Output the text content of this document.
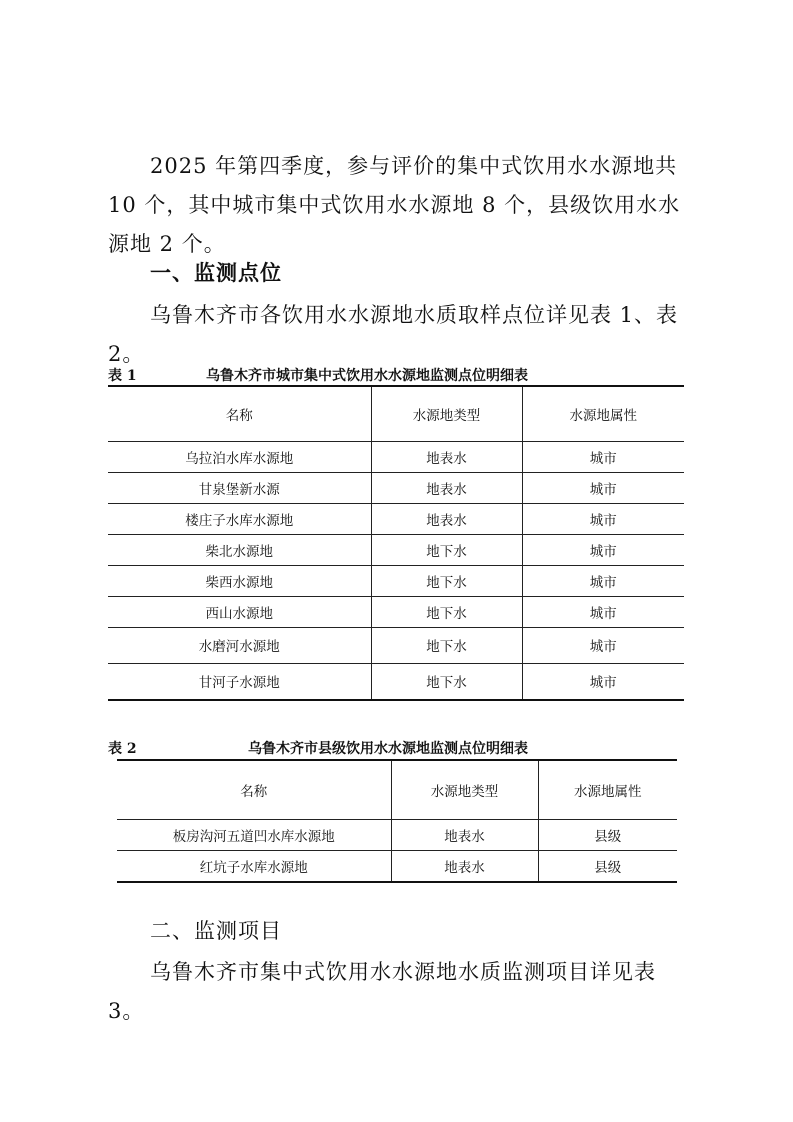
2025 年第四季度，参与评价的集中式饮用水水源地共 10 个，其中城市集中式饮用水水源地 8 个，县级饮用水水源地 2 个。

一、监测点位

乌鲁木齐市各饮用水水源地水质取样点位详见表 1、表 2。

表 1	乌鲁木齐市城市集中式饮用水水源地监测点位明细表
名称	水源地类型	水源地属性
乌拉泊水库水源地	地表水	城市
甘泉堡新水源	地表水	城市
楼庄子水库水源地	地表水	城市
柴北水源地	地下水	城市
柴西水源地	地下水	城市
西山水源地	地下水	城市
水磨河水源地	地下水	城市
甘河子水源地	地下水	城市
表 2	乌鲁木齐市县级饮用水水源地监测点位明细表
名称	水源地类型	水源地属性
板房沟河五道凹水库水源地	地表水	县级
红坑子水库水源地	地表水	县级
二、监测项目

乌鲁木齐市集中式饮用水水源地水质监测项目详见表 3。
